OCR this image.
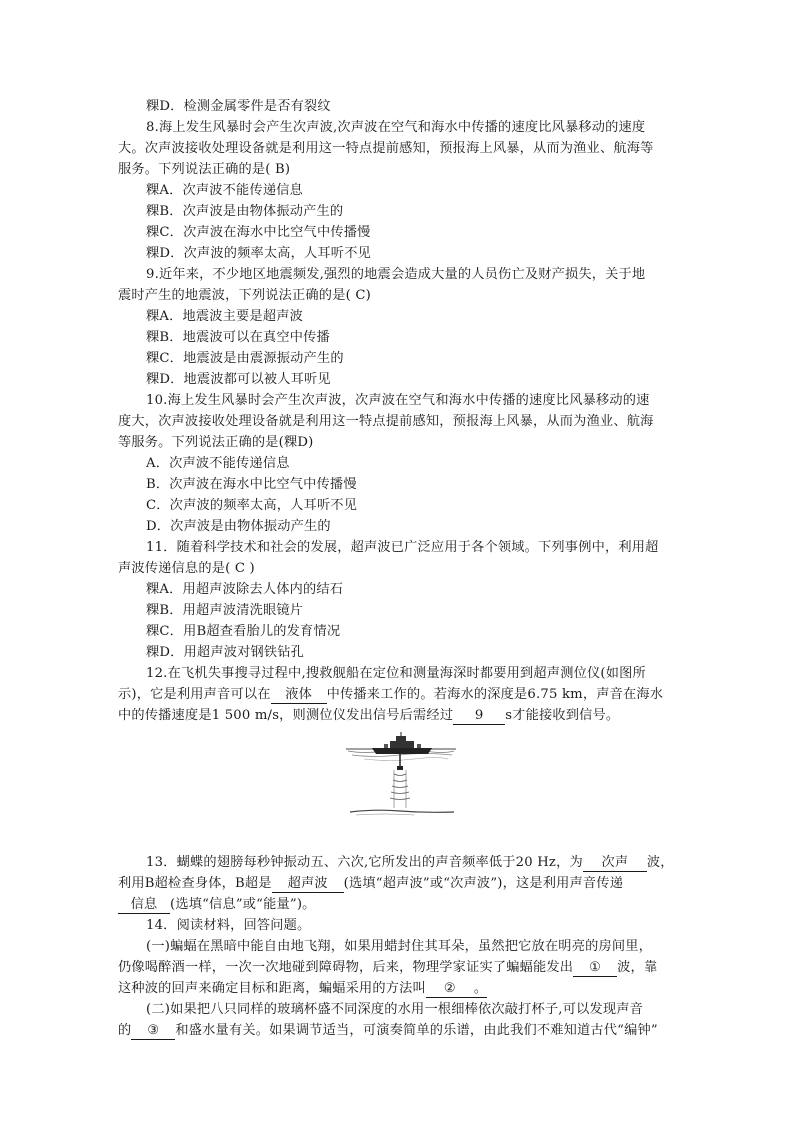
粿D．检测金属零件是否有裂纹
8.海上发生风暴时会产生次声波,次声波在空气和海水中传播的速度比风暴移动的速度
大。次声波接收处理设备就是利用这一特点提前感知，预报海上风暴，从而为渔业、航海等
服务。下列说法正确的是( B)
粿A．次声波不能传递信息
粿B．次声波是由物体振动产生的
粿C．次声波在海水中比空气中传播慢
粿D．次声波的频率太高，人耳听不见
9.近年来，不少地区地震频发,强烈的地震会造成大量的人员伤亡及财产损失，关于地
震时产生的地震波，下列说法正确的是( C)
粿A．地震波主要是超声波
粿B．地震波可以在真空中传播
粿C．地震波是由震源振动产生的
粿D．地震波都可以被人耳听见
10.海上发生风暴时会产生次声波，次声波在空气和海水中传播的速度比风暴移动的速
度大，次声波接收处理设备就是利用这一特点提前感知，预报海上风暴，从而为渔业、航海
等服务。下列说法正确的是(粿D)
A．次声波不能传递信息
B．次声波在海水中比空气中传播慢
C．次声波的频率太高，人耳听不见
D．次声波是由物体振动产生的
11．随着科学技术和社会的发展，超声波已广泛应用于各个领域。下列事例中，利用超
声波传递信息的是( C )
粿A．用超声波除去人体内的结石
粿B．用超声波清洗眼镜片
粿C．用B超查看胎儿的发育情况
粿D．用超声波对钢铁钻孔
12.在飞机失事搜寻过程中,搜救舰船在定位和测量海深时都要用到超声测位仪(如图所
示)，它是利用声音可以在 液体 中传播来工作的。若海水的深度是6.75 km，声音在海水
中的传播速度是1 500 m/s，则测位仪发出信号后需经过 9 s才能接收到信号。
13．蝴蝶的翅膀每秒钟振动五、六次,它所发出的声音频率低于20 Hz，为 次声 波，
利用B超检查身体，B超是 超声波 (选填“超声波”或“次声波”)，这是利用声音传递
信息 (选填“信息”或“能量”)。
14．阅读材料，回答问题。
(一)蝙蝠在黑暗中能自由地飞翔，如果用蜡封住其耳朵，虽然把它放在明亮的房间里，
仍像喝醉酒一样，一次一次地碰到障碍物，后来，物理学家证实了蝙蝠能发出 ① 波，靠
这种波的回声来确定目标和距离，蝙蝠采用的方法叫 ② 。
(二)如果把八只同样的玻璃杯盛不同深度的水用一根细棒依次敲打杯子,可以发现声音
的 ③ 和盛水量有关。如果调节适当，可演奏简单的乐谱，由此我们不难知道古代“编钟”
